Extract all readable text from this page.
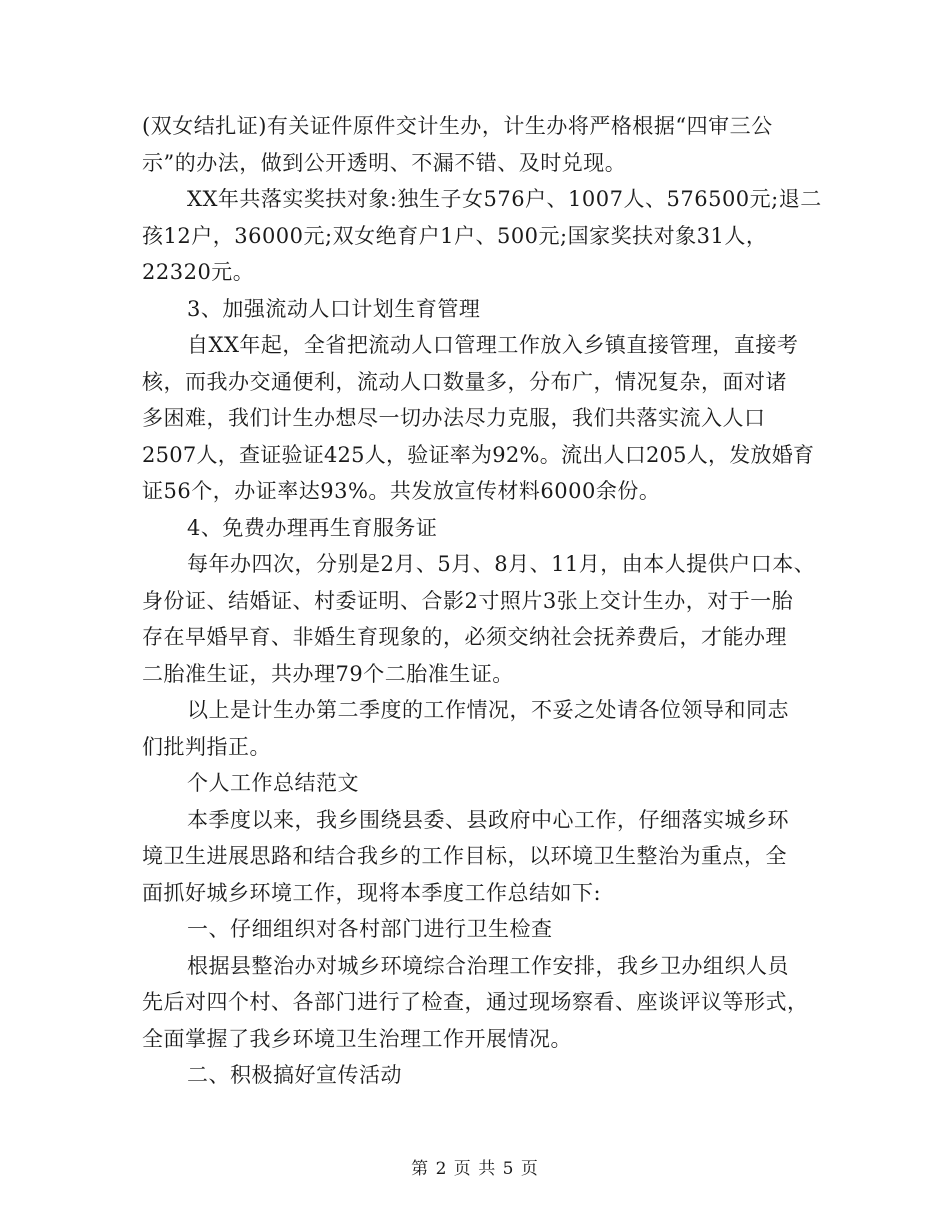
(双女结扎证)有关证件原件交计生办，计生办将严格根据“四审三公
示”的办法，做到公开透明、不漏不错、及时兑现。
XX年共落实奖扶对象:独生子女576户、1007人、576500元;退二
孩12户，36000元;双女绝育户1户、500元;国家奖扶对象31人，
22320元。
3、加强流动人口计划生育管理
自XX年起，全省把流动人口管理工作放入乡镇直接管理，直接考
核，而我办交通便利，流动人口数量多，分布广，情况复杂，面对诸
多困难，我们计生办想尽一切办法尽力克服，我们共落实流入人口
2507人，查证验证425人，验证率为92%。流出人口205人，发放婚育
证56个，办证率达93%。共发放宣传材料6000余份。
4、免费办理再生育服务证
每年办四次，分别是2月、5月、8月、11月，由本人提供户口本、
身份证、结婚证、村委证明、合影2寸照片3张上交计生办，对于一胎
存在早婚早育、非婚生育现象的，必须交纳社会抚养费后，才能办理
二胎准生证，共办理79个二胎准生证。
以上是计生办第二季度的工作情况，不妥之处请各位领导和同志
们批判指正。
个人工作总结范文
本季度以来，我乡围绕县委、县政府中心工作，仔细落实城乡环
境卫生进展思路和结合我乡的工作目标，以环境卫生整治为重点，全
面抓好城乡环境工作，现将本季度工作总结如下:
一、仔细组织对各村部门进行卫生检查
根据县整治办对城乡环境综合治理工作安排，我乡卫办组织人员
先后对四个村、各部门进行了检查，通过现场察看、座谈评议等形式，
全面掌握了我乡环境卫生治理工作开展情况。
二、积极搞好宣传活动
第 2 页 共 5 页
